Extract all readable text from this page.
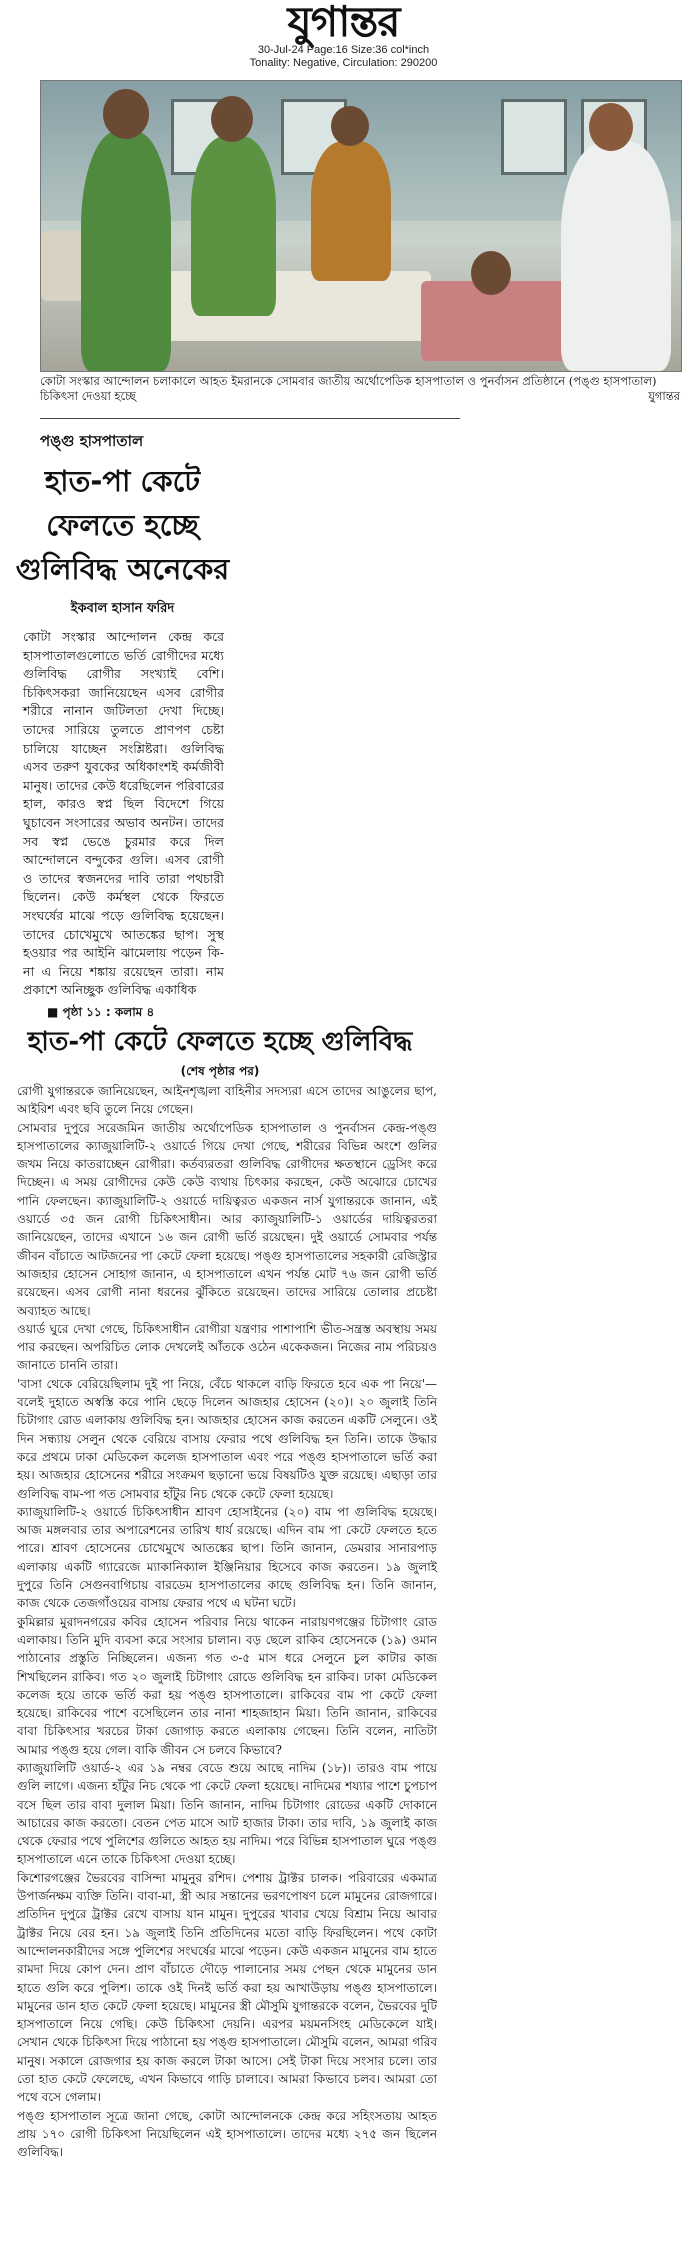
যুগান্তর
30-Jul-24 Page:16 Size:36 col*inch
Tonality: Negative, Circulation: 290200
কোটা সংস্কার আন্দোলন চলাকালে আহত ইমরানকে সোমবার জাতীয় অর্থোপেডিক হাসপাতাল ও পুনর্বাসন প্রতিষ্ঠানে (পঙ্গু হাসপাতাল) চিকিৎসা দেওয়া হচ্ছে	যুগান্তর
পঙ্গু হাসপাতাল
হাত-পা কেটে
ফেলতে হচ্ছে
গুলিবিদ্ধ অনেকের
ইকবাল হাসান ফরিদ
কোটা সংস্কার আন্দোলন কেন্দ্র করে হাসপাতালগুলোতে ভর্তি রোগীদের মধ্যে গুলিবিদ্ধ রোগীর সংখ্যাই বেশি। চিকিৎসকরা জানিয়েছেন এসব রোগীর শরীরে নানান জটিলতা দেখা দিচ্ছে। তাদের সারিয়ে তুলতে প্রাণপণ চেষ্টা চালিয়ে যাচ্ছেন সংশ্লিষ্টরা। গুলিবিদ্ধ এসব তরুণ যুবকের অধিকাংশই কর্মজীবী মানুষ। তাদের কেউ ধরেছিলেন পরিবারের হাল, কারও স্বপ্ন ছিল বিদেশে গিয়ে ঘুচাবেন সংসারের অভাব অনটন। তাদের সব স্বপ্ন ভেঙে চুরমার করে দিল আন্দোলনে বন্দুকের গুলি। এসব রোগী ও তাদের স্বজনদের দাবি তারা পথচারী ছিলেন। কেউ কর্মস্থল থেকে ফিরতে সংঘর্ষের মাঝে পড়ে গুলিবিদ্ধ হয়েছেন। তাদের চোখেমুখে আতঙ্কের ছাপ। সুস্থ হওয়ার পর আইনি ঝামেলায় পড়েন কি-না এ নিয়ে শঙ্কায় রয়েছেন তারা। নাম প্রকাশে অনিচ্ছুক গুলিবিদ্ধ একাধিক
■ পৃষ্ঠা ১১ : কলাম ৪
হাত-পা কেটে ফেলতে হচ্ছে গুলিবিদ্ধ
(শেষ পৃষ্ঠার পর)

রোগী যুগান্তরকে জানিয়েছেন, আইনশৃঙ্খলা বাহিনীর সদস্যরা এসে তাদের আঙুলের ছাপ, আইরিশ এবং ছবি তুলে নিয়ে গেছেন।

সোমবার দুপুরে সরেজমিন জাতীয় অর্থোপেডিক হাসপাতাল ও পুনর্বাসন কেন্দ্র-পঙ্গু হাসপাতালের ক্যাজুয়ালিটি-২ ওয়ার্ডে গিয়ে দেখা গেছে, শরীরের বিভিন্ন অংশে গুলির জখম নিয়ে কাতরাচ্ছেন রোগীরা। কর্তব্যরতরা গুলিবিদ্ধ রোগীদের ক্ষতস্থানে ড্রেসিং করে দিচ্ছেন। এ সময় রোগীদের কেউ কেউ ব্যথায় চিৎকার করছেন, কেউ অঝোরে চোখের পানি ফেলছেন। ক্যাজুয়ালিটি-২ ওয়ার্ডে দায়িত্বরত একজন নার্স যুগান্তরকে জানান, এই ওয়ার্ডে ৩৫ জন রোগী চিকিৎসাধীন। আর ক্যাজুয়ালিটি-১ ওয়ার্ডের দায়িত্বরতরা জানিয়েছেন, তাদের এখানে ১৬ জন রোগী ভর্তি রয়েছেন। দুই ওয়ার্ডে সোমবার পর্যন্ত জীবন বাঁচাতে আটজনের পা কেটে ফেলা হয়েছে। পঙ্গু হাসপাতালের সহকারী রেজিস্ট্রার আজহার হোসেন সোহাগ জানান, এ হাসপাতালে এখন পর্যন্ত মোট ৭৬ জন রোগী ভর্তি রয়েছেন। এসব রোগী নানা ধরনের ঝুঁকিতে রয়েছেন। তাদের সারিয়ে তোলার প্রচেষ্টা অব্যাহত আছে।

ওয়ার্ড ঘুরে দেখা গেছে, চিকিৎসাধীন রোগীরা যন্ত্রণার পাশাপাশি ভীত-সন্ত্রস্ত অবস্থায় সময় পার করছেন। অপরিচিত লোক দেখলেই আঁতকে ওঠেন একেকজন। নিজের নাম পরিচয়ও জানাতে চাননি তারা।

'বাসা থেকে বেরিয়েছিলাম দুই পা নিয়ে, বেঁচে থাকলে বাড়ি ফিরতে হবে এক পা নিয়ে'—বলেই দুহাতে অস্বস্তি করে পানি ছেড়ে দিলেন আজহার হোসেন (২০)। ২০ জুলাই তিনি চিটাগাং রোড এলাকায় গুলিবিদ্ধ হন। আজহার হোসেন কাজ করতেন একটি সেলুনে। ওই দিন সন্ধ্যায় সেলুন থেকে বেরিয়ে বাসায় ফেরার পথে গুলিবিদ্ধ হন তিনি। তাকে উদ্ধার করে প্রথমে ঢাকা মেডিকেল কলেজ হাসপাতাল এবং পরে পঙ্গু হাসপাতালে ভর্তি করা হয়। আজহার হোসেনের শরীরে সংক্রমণ ছড়ানো ভয়ে বিষয়টিও যুক্ত রয়েছে। এছাড়া তার গুলিবিদ্ধ বাম-পা গত সোমবার হাঁটুর নিচ থেকে কেটে ফেলা হয়েছে।

ক্যাজুয়ালিটি-২ ওয়ার্ডে চিকিৎসাধীন শ্রাবণ হোসাইনের (২০) বাম পা গুলিবিদ্ধ হয়েছে। আজ মঙ্গলবার তার অপারেশনের তারিখ ধার্য রয়েছে। এদিন বাম পা কেটে ফেলতে হতে পারে। শ্রাবণ হোসেনের চোখেমুখে আতঙ্কের ছাপ। তিনি জানান, ডেমরার সানারপাড় এলাকায় একটি গ্যারেজে ম্যাকানিক্যাল ইঞ্জিনিয়ার হিসেবে কাজ করতেন। ১৯ জুলাই দুপুরে তিনি সেগুনবাগিচায় বারডেম হাসপাতালের কাছে গুলিবিদ্ধ হন। তিনি জানান, কাজ থেকে তেজগাঁওয়ের বাসায় ফেরার পথে এ ঘটনা ঘটে।

কুমিল্লার মুরাদনগরের কবির হোসেন পরিবার নিয়ে থাকেন নারায়ণগঞ্জের চিটাগাং রোড এলাকায়। তিনি মুদি ব্যবসা করে সংসার চালান। বড় ছেলে রাকিব হোসেনকে (১৯) ওমান পাঠানোর প্রস্তুতি নিচ্ছিলেন। এজন্য গত ৩-৫ মাস ধরে সেলুনে চুল কাটার কাজ শিখছিলেন রাকিব। গত ২০ জুলাই চিটাগাং রোডে গুলিবিদ্ধ হন রাকিব। ঢাকা মেডিকেল কলেজ হয়ে তাকে ভর্তি করা হয় পঙ্গু হাসপাতালে। রাকিবের বাম পা কেটে ফেলা হয়েছে। রাকিবের পাশে বসেছিলেন তার নানা শাহজাহান মিয়া। তিনি জানান, রাকিবের বাবা চিকিৎসার খরচের টাকা জোগাড় করতে এলাকায় গেছেন। তিনি বলেন, নাতিটা আমার পঙ্গু হয়ে গেল। বাকি জীবন সে চলবে কিভাবে?

ক্যাজুয়ালিটি ওয়ার্ড-২ এর ১৯ নম্বর বেডে শুয়ে আছে নাদিম (১৮)। তারও বাম পায়ে গুলি লাগে। এজন্য হাঁটুর নিচ থেকে পা কেটে ফেলা হয়েছে। নাদিমের শয্যার পাশে চুপচাপ বসে ছিল তার বাবা দুলাল মিয়া। তিনি জানান, নাদিম চিটাগাং রোডের একটি দোকানে আচারের কাজ করতো। বেতন পেত মাসে আট হাজার টাকা। তার দাবি, ১৯ জুলাই কাজ থেকে ফেরার পথে পুলিশের গুলিতে আহত হয় নাদিম। পরে বিভিন্ন হাসপাতাল ঘুরে পঙ্গু হাসপাতালে এনে তাকে চিকিৎসা দেওয়া হচ্ছে।

কিশোরগঞ্জের ভৈরবের বাসিন্দা মামুনুর রশিদ। পেশায় ট্রাক্টর চালক। পরিবারের একমাত্র উপার্জনক্ষম ব্যক্তি তিনি। বাবা-মা, স্ত্রী আর সন্তানের ভরণপোষণ চলে মামুনের রোজগারে। প্রতিদিন দুপুরে ট্রাক্টর রেখে বাসায় যান মামুন। দুপুরের খাবার খেয়ে বিশ্রাম নিয়ে আবার ট্রাক্টর নিয়ে বের হন। ১৯ জুলাই তিনি প্রতিদিনের মতো বাড়ি ফিরছিলেন। পথে কোটা আন্দোলনকারীদের সঙ্গে পুলিশের সংঘর্ষের মাঝে পড়েন। কেউ একজন মামুনের বাম হাতে রামদা দিয়ে কোপ দেন। প্রাণ বাঁচাতে দৌড়ে পালানোর সময় পেছন থেকে মামুনের ডান হাতে গুলি করে পুলিশ। তাকে ওই দিনই ভর্তি করা হয় আখাউড়ায় পঙ্গু হাসপাতালে। মামুনের ডান হাত কেটে ফেলা হয়েছে। মামুনের স্ত্রী মৌসুমি যুগান্তরকে বলেন, ভৈরবের দুটি হাসপাতালে নিয়ে গেছি। কেউ চিকিৎসা দেয়নি। এরপর ময়মনসিংহ মেডিকেলে যাই। সেখান থেকে চিকিৎসা দিয়ে পাঠানো হয় পঙ্গু হাসপাতালে। মৌসুমি বলেন, আমরা গরিব মানুষ। সকালে রোজগার হয় কাজ করলে টাকা আসে। সেই টাকা দিয়ে সংসার চলে। তার তো হাত কেটে ফেলেছে, এখন কিভাবে গাড়ি চালাবে। আমরা কিভাবে চলব। আমরা তো পথে বসে গেলাম।

পঙ্গু হাসপাতাল সূত্রে জানা গেছে, কোটা আন্দোলনকে কেন্দ্র করে সহিংসতায় আহত প্রায় ১৭০ রোগী চিকিৎসা নিয়েছিলেন এই হাসপাতালে। তাদের মধ্যে ২৭৫ জন ছিলেন গুলিবিদ্ধ।
